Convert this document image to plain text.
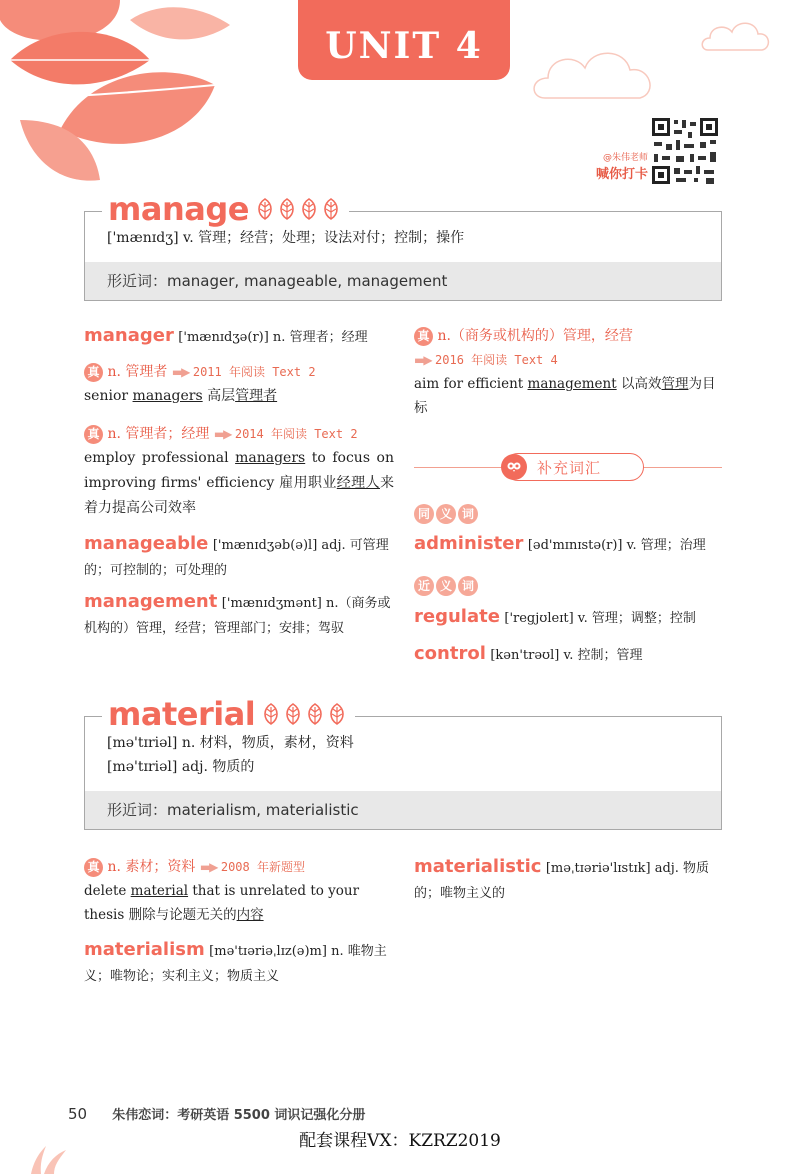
UNIT 4
@朱伟老师
喊你打卡
['mænɪdʒ] v. 管理；经营；处理；设法对付；控制；操作
形近词：manager, manageable, management
manage
manager ['mænɪdʒə(r)] n. 管理者；经理
真 n. 管理者 ▬▶ 2011 年阅读 Text 2
senior managers 高层管理者
真 n. 管理者；经理 ▬▶ 2014 年阅读 Text 2
employ professional managers to focus on improving firms' efficiency 雇用职业经理人来着力提高公司效率
manageable ['mænɪdʒəb(ə)l] adj. 可管理的；可控制的；可处理的
management ['mænɪdʒmənt] n.（商务或机构的）管理，经营；管理部门；安排；驾驭
真 n.（商务或机构的）管理，经营
▬▶ 2016 年阅读 Text 4
aim for efficient management 以高效管理为目标
补充词汇
同 义 词
administer [əd'mɪnɪstə(r)] v. 管理；治理
近 义 词
regulate ['regjʊleɪt] v. 管理；调整；控制
control [kən'trəʊl] v. 控制；管理
[mə'tɪriəl] n. 材料，物质，素材，资料
[mə'tɪriəl] adj. 物质的
形近词：materialism, materialistic
material
真 n. 素材；资料 ▬▶ 2008 年新题型
delete material that is unrelated to your thesis 删除与论题无关的内容
materialism [mə'tɪəriəˌlɪz(ə)m] n. 唯物主义；唯物论；实利主义；物质主义
materialistic [məˌtɪəriə'lɪstɪk] adj. 物质的；唯物主义的
50 朱伟恋词：考研英语 5500 词识记强化分册
配套课程VX：KZRZ2019
